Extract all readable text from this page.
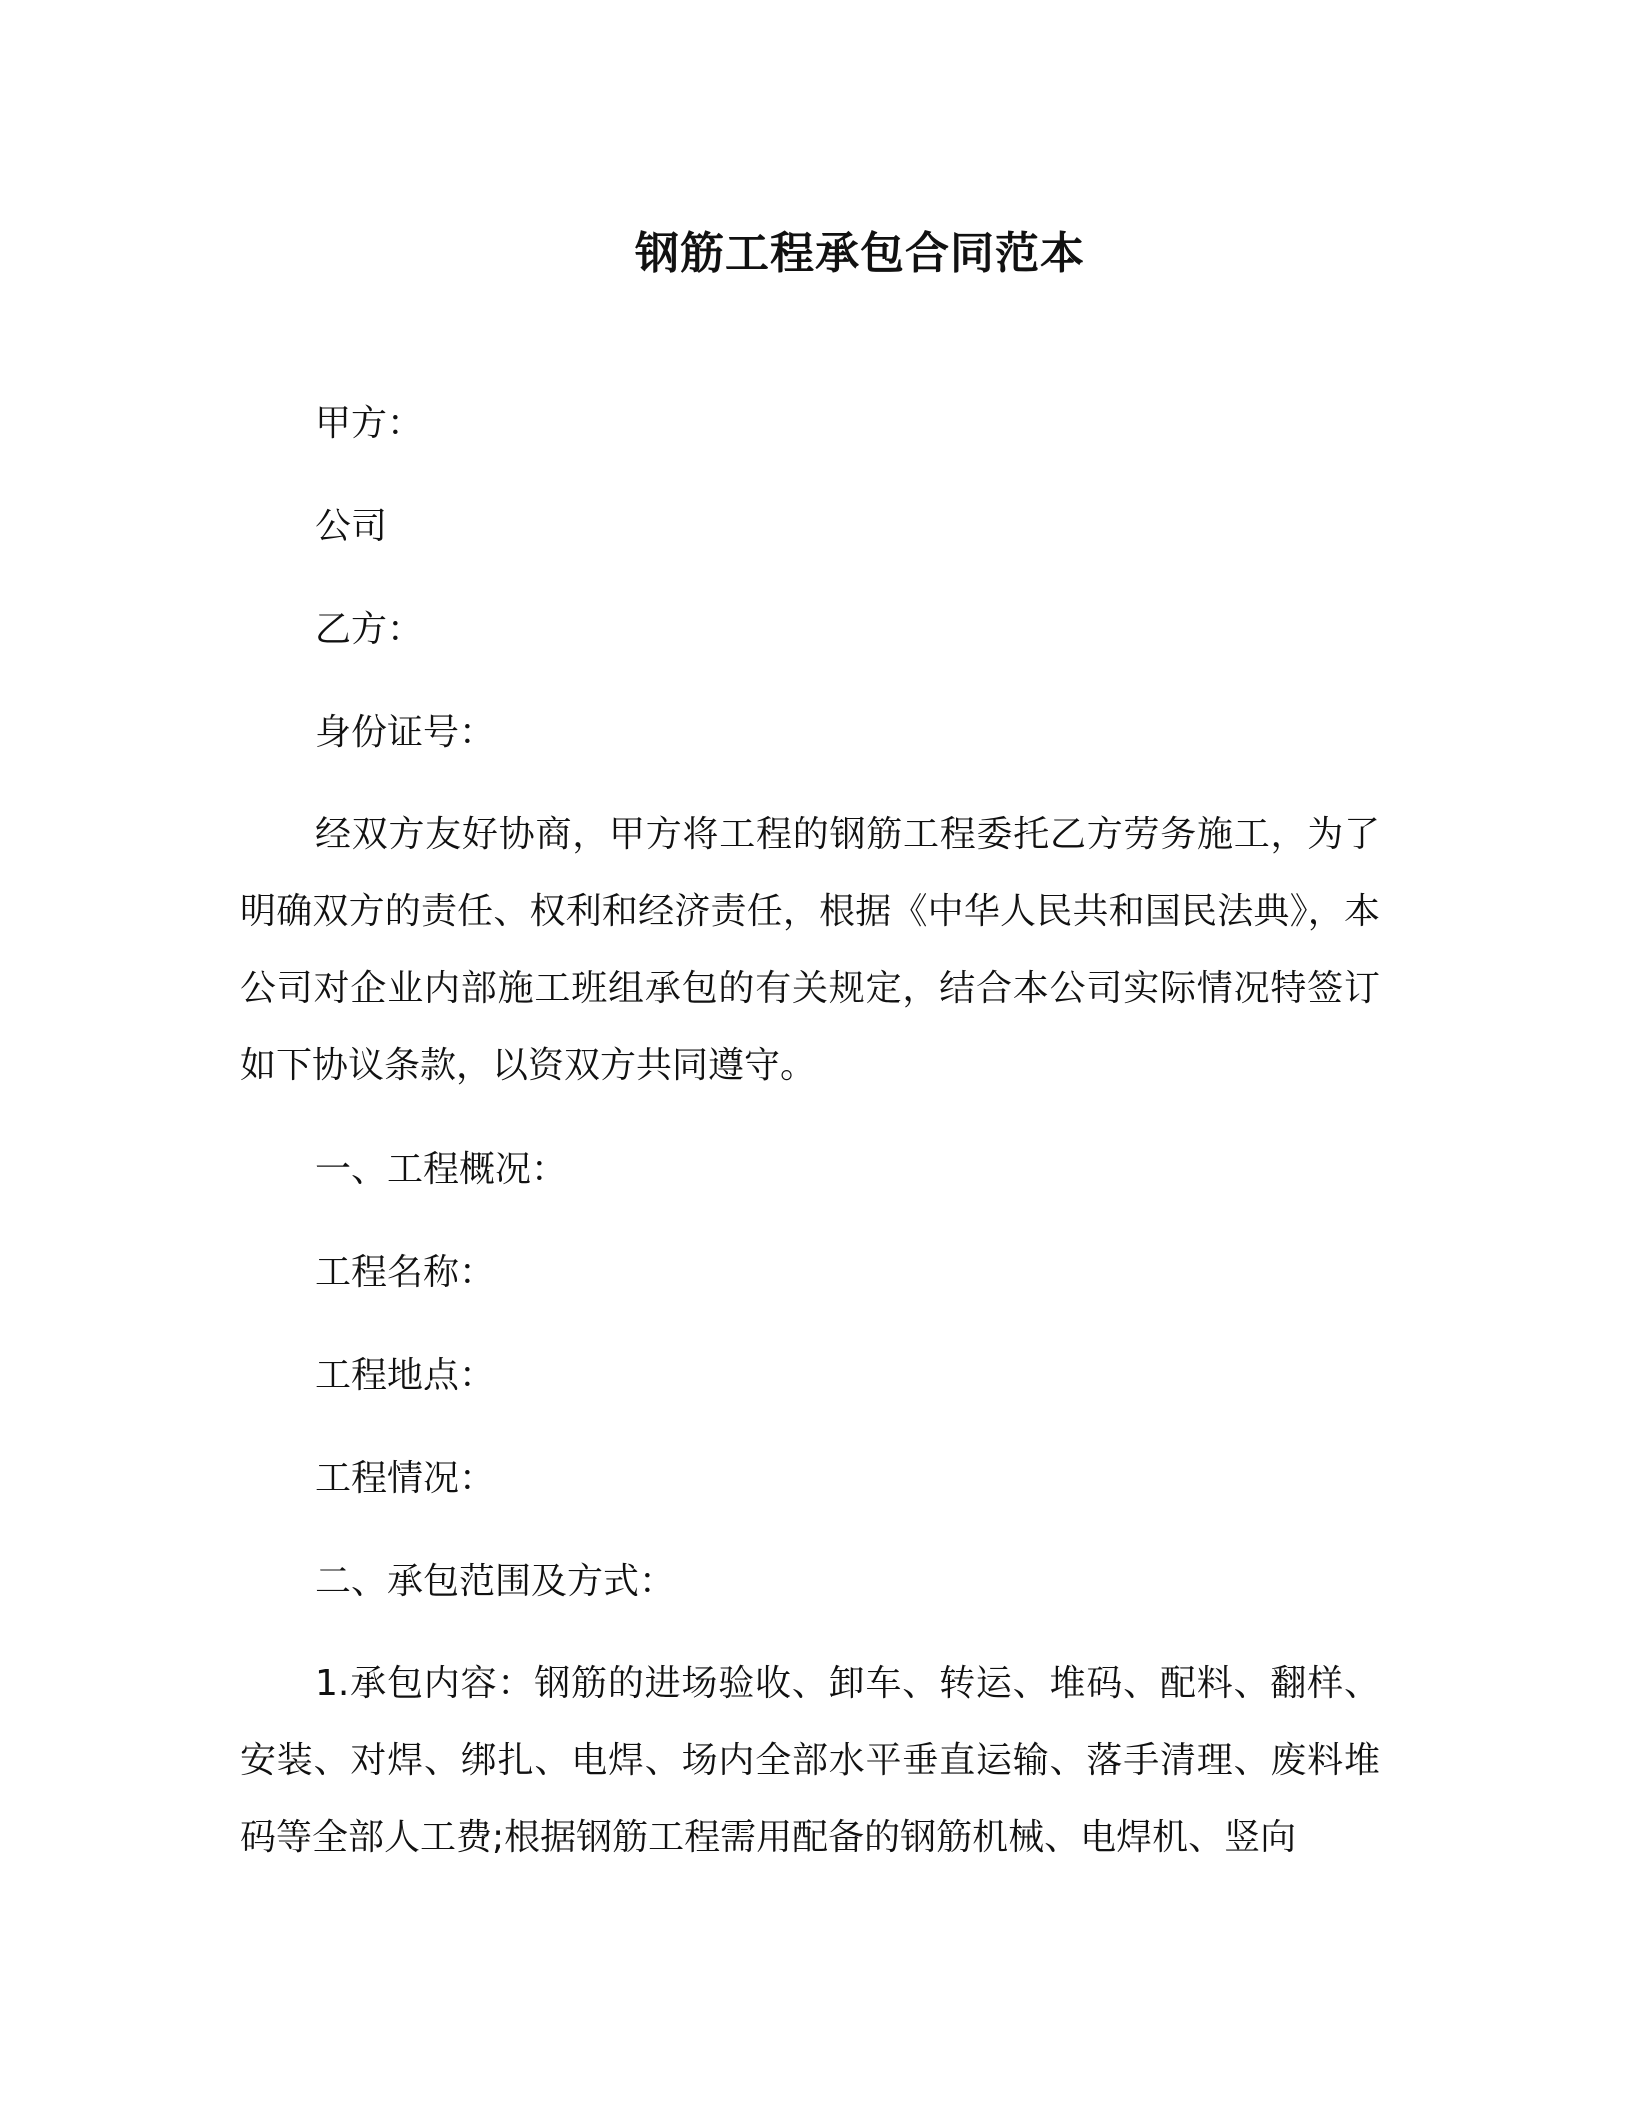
钢筋工程承包合同范本
甲方：
公司
乙方：
身份证号：

经双方友好协商，甲方将工程的钢筋工程委托乙方劳务施工，为了明确双方的责任、权利和经济责任，根据《中华人民共和国民法典》，本公司对企业内部施工班组承包的有关规定，结合本公司实际情况特签订如下协议条款，以资双方共同遵守。

一、工程概况：
工程名称：
工程地点：
工程情况：
二、承包范围及方式：

1.承包内容：钢筋的进场验收、卸车、转运、堆码、配料、翻样、安装、对焊、绑扎、电焊、场内全部水平垂直运输、落手清理、废料堆码等全部人工费;根据钢筋工程需用配备的钢筋机械、电焊机、竖向
